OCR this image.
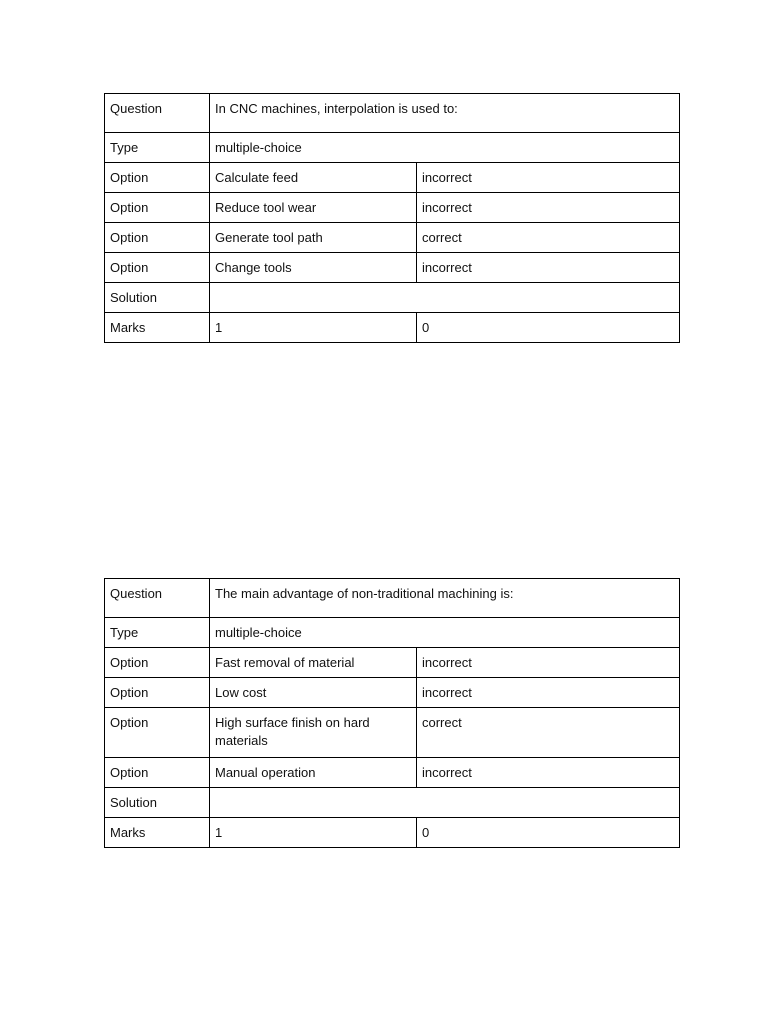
Question	In CNC machines, interpolation is used to:	
Type	multiple-choice	
Option	Calculate feed	incorrect
Option	Reduce tool wear	incorrect
Option	Generate tool path	correct
Option	Change tools	incorrect
Solution		
Marks	1	0
Question	The main advantage of non-traditional machining is:	
Type	multiple-choice	
Option	Fast removal of material	incorrect
Option	Low cost	incorrect
Option	High surface finish on hard materials	correct
Option	Manual operation	incorrect
Solution		
Marks	1	0
